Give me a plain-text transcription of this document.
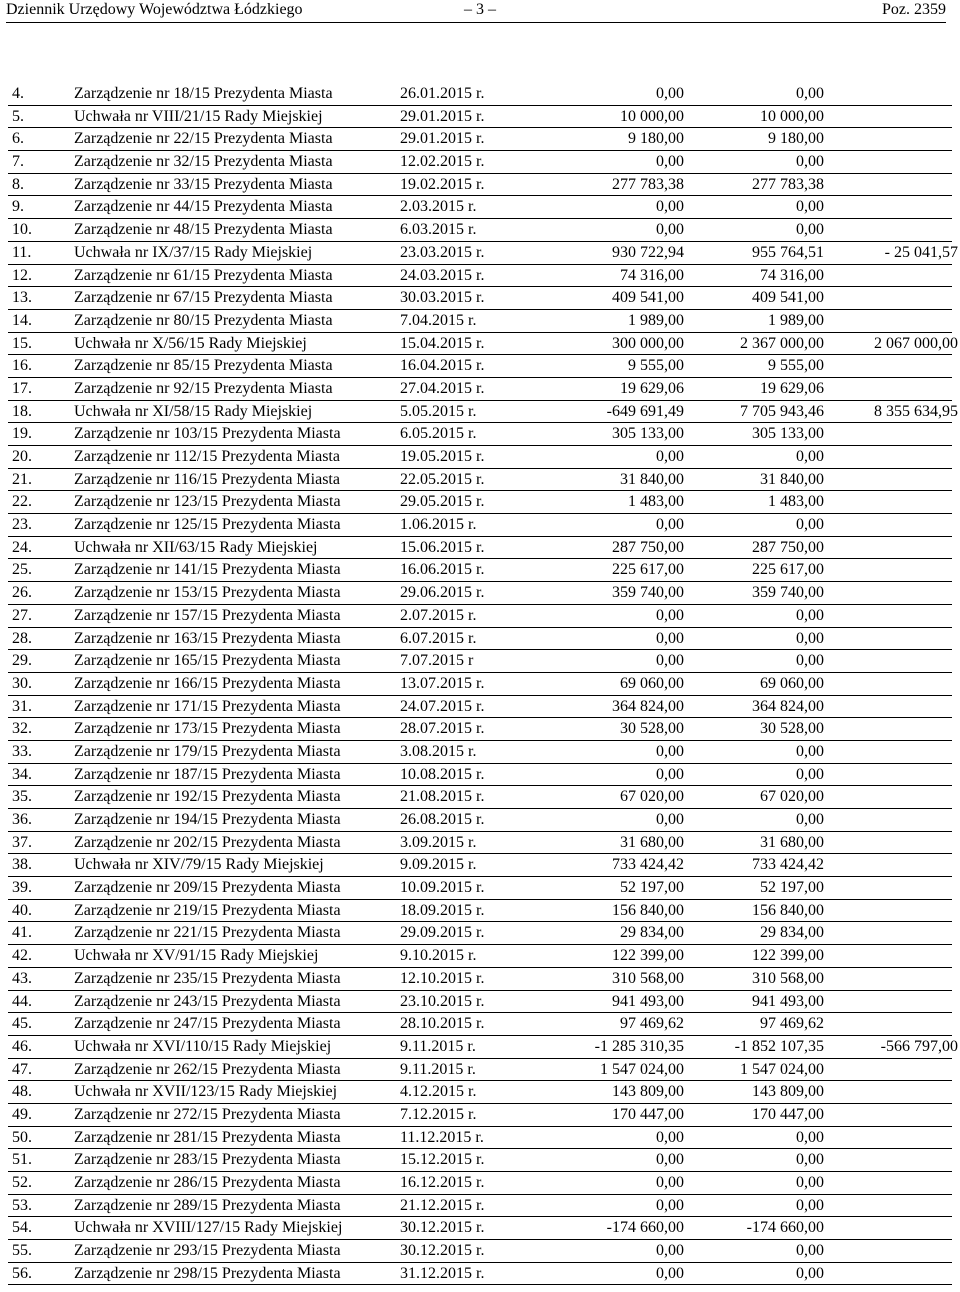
Dziennik Urzędowy Województwa Łódzkiego	– 3 –	Poz. 2359
4.	Zarządzenie nr 18/15 Prezydenta Miasta	26.01.2015 r.	0,00	0,00
5.	Uchwała nr VIII/21/15 Rady Miejskiej	29.01.2015 r.	10 000,00	10 000,00
6.	Zarządzenie nr 22/15 Prezydenta Miasta	29.01.2015 r.	9 180,00	9 180,00
7.	Zarządzenie nr 32/15 Prezydenta Miasta	12.02.2015 r.	0,00	0,00
8.	Zarządzenie nr 33/15 Prezydenta Miasta	19.02.2015 r.	277 783,38	277 783,38
9.	Zarządzenie nr 44/15 Prezydenta Miasta	2.03.2015 r.	0,00	0,00
10.	Zarządzenie nr 48/15 Prezydenta Miasta	6.03.2015 r.	0,00	0,00
11.	Uchwała nr IX/37/15 Rady Miejskiej	23.03.2015 r.	930 722,94	955 764,51	- 25 041,57
12.	Zarządzenie nr 61/15 Prezydenta Miasta	24.03.2015 r.	74 316,00	74 316,00
13.	Zarządzenie nr 67/15 Prezydenta Miasta	30.03.2015 r.	409 541,00	409 541,00
14.	Zarządzenie nr 80/15 Prezydenta Miasta	7.04.2015 r.	1 989,00	1 989,00
15.	Uchwała nr X/56/15 Rady Miejskiej	15.04.2015 r.	300 000,00	2 367 000,00	2 067 000,00
16.	Zarządzenie nr 85/15 Prezydenta Miasta	16.04.2015 r.	9 555,00	9 555,00
17.	Zarządzenie nr 92/15 Prezydenta Miasta	27.04.2015 r.	19 629,06	19 629,06
18.	Uchwała nr XI/58/15 Rady Miejskiej	5.05.2015 r.	-649 691,49	7 705 943,46	8 355 634,95
19.	Zarządzenie nr 103/15 Prezydenta Miasta	6.05.2015 r.	305 133,00	305 133,00
20.	Zarządzenie nr 112/15 Prezydenta Miasta	19.05.2015 r.	0,00	0,00
21.	Zarządzenie nr 116/15 Prezydenta Miasta	22.05.2015 r.	31 840,00	31 840,00
22.	Zarządzenie nr 123/15 Prezydenta Miasta	29.05.2015 r.	1 483,00	1 483,00
23.	Zarządzenie nr 125/15 Prezydenta Miasta	1.06.2015 r.	0,00	0,00
24.	Uchwała nr XII/63/15 Rady Miejskiej	15.06.2015 r.	287 750,00	287 750,00
25.	Zarządzenie nr 141/15 Prezydenta Miasta	16.06.2015 r.	225 617,00	225 617,00
26.	Zarządzenie nr 153/15 Prezydenta Miasta	29.06.2015 r.	359 740,00	359 740,00
27.	Zarządzenie nr 157/15 Prezydenta Miasta	2.07.2015 r.	0,00	0,00
28.	Zarządzenie nr 163/15 Prezydenta Miasta	6.07.2015 r.	0,00	0,00
29.	Zarządzenie nr 165/15 Prezydenta Miasta	7.07.2015 r	0,00	0,00
30.	Zarządzenie nr 166/15 Prezydenta Miasta	13.07.2015 r.	69 060,00	69 060,00
31.	Zarządzenie nr 171/15 Prezydenta Miasta	24.07.2015 r.	364 824,00	364 824,00
32.	Zarządzenie nr 173/15 Prezydenta Miasta	28.07.2015 r.	30 528,00	30 528,00
33.	Zarządzenie nr 179/15 Prezydenta Miasta	3.08.2015 r.	0,00	0,00
34.	Zarządzenie nr 187/15 Prezydenta Miasta	10.08.2015 r.	0,00	0,00
35.	Zarządzenie nr 192/15 Prezydenta Miasta	21.08.2015 r.	67 020,00	67 020,00
36.	Zarządzenie nr 194/15 Prezydenta Miasta	26.08.2015 r.	0,00	0,00
37.	Zarządzenie nr 202/15 Prezydenta Miasta	3.09.2015 r.	31 680,00	31 680,00
38.	Uchwała nr XIV/79/15 Rady Miejskiej	9.09.2015 r.	733 424,42	733 424,42
39.	Zarządzenie nr 209/15 Prezydenta Miasta	10.09.2015 r.	52 197,00	52 197,00
40.	Zarządzenie nr 219/15 Prezydenta Miasta	18.09.2015 r.	156 840,00	156 840,00
41.	Zarządzenie nr 221/15 Prezydenta Miasta	29.09.2015 r.	29 834,00	29 834,00
42.	Uchwała nr XV/91/15 Rady Miejskiej	9.10.2015 r.	122 399,00	122 399,00
43.	Zarządzenie nr 235/15 Prezydenta Miasta	12.10.2015 r.	310 568,00	310 568,00
44.	Zarządzenie nr 243/15 Prezydenta Miasta	23.10.2015 r.	941 493,00	941 493,00
45.	Zarządzenie nr 247/15 Prezydenta Miasta	28.10.2015 r.	97 469,62	97 469,62
46.	Uchwała nr XVI/110/15 Rady Miejskiej	9.11.2015 r.	-1 285 310,35	-1 852 107,35	-566 797,00
47.	Zarządzenie nr 262/15 Prezydenta Miasta	9.11.2015 r.	1 547 024,00	1 547 024,00
48.	Uchwała nr XVII/123/15 Rady Miejskiej	4.12.2015 r.	143 809,00	143 809,00
49.	Zarządzenie nr 272/15 Prezydenta Miasta	7.12.2015 r.	170 447,00	170 447,00
50.	Zarządzenie nr 281/15 Prezydenta Miasta	11.12.2015 r.	0,00	0,00
51.	Zarządzenie nr 283/15 Prezydenta Miasta	15.12.2015 r.	0,00	0,00
52.	Zarządzenie nr 286/15 Prezydenta Miasta	16.12.2015 r.	0,00	0,00
53.	Zarządzenie nr 289/15 Prezydenta Miasta	21.12.2015 r.	0,00	0,00
54.	Uchwała nr XVIII/127/15 Rady Miejskiej	30.12.2015 r.	-174 660,00	-174 660,00
55.	Zarządzenie nr 293/15 Prezydenta Miasta	30.12.2015 r.	0,00	0,00
56.	Zarządzenie nr 298/15 Prezydenta Miasta	31.12.2015 r.	0,00	0,00
